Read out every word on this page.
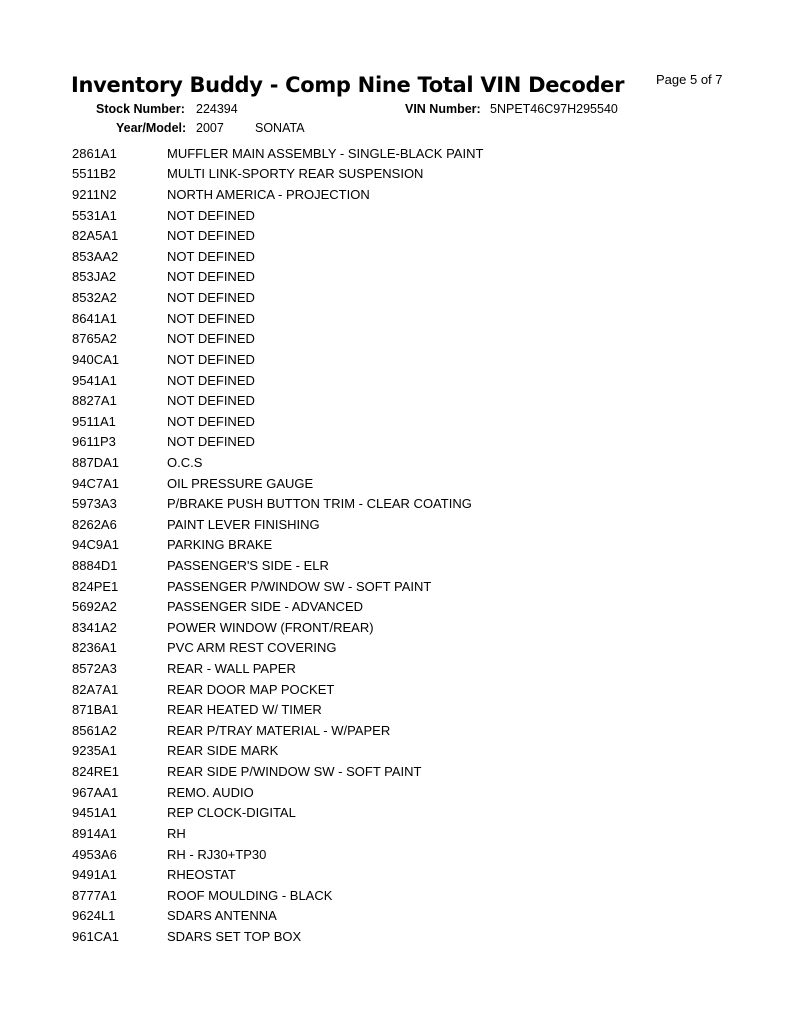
Inventory Buddy - Comp Nine Total VIN Decoder Page 5 of 7
Stock Number: 224394	VIN Number: 5NPET46C97H295540
Year/Model: 2007 SONATA
2861A1	MUFFLER MAIN ASSEMBLY - SINGLE-BLACK PAINT
5511B2	MULTI LINK-SPORTY REAR SUSPENSION
9211N2	NORTH AMERICA - PROJECTION
5531A1	NOT DEFINED
82A5A1	NOT DEFINED
853AA2	NOT DEFINED
853JA2	NOT DEFINED
8532A2	NOT DEFINED
8641A1	NOT DEFINED
8765A2	NOT DEFINED
940CA1	NOT DEFINED
9541A1	NOT DEFINED
8827A1	NOT DEFINED
9511A1	NOT DEFINED
9611P3	NOT DEFINED
887DA1	O.C.S
94C7A1	OIL PRESSURE GAUGE
5973A3	P/BRAKE PUSH BUTTON TRIM - CLEAR COATING
8262A6	PAINT LEVER FINISHING
94C9A1	PARKING BRAKE
8884D1	PASSENGER'S SIDE - ELR
824PE1	PASSENGER P/WINDOW SW - SOFT PAINT
5692A2	PASSENGER SIDE - ADVANCED
8341A2	POWER WINDOW (FRONT/REAR)
8236A1	PVC ARM REST COVERING
8572A3	REAR - WALL PAPER
82A7A1	REAR DOOR MAP POCKET
871BA1	REAR HEATED W/ TIMER
8561A2	REAR P/TRAY MATERIAL - W/PAPER
9235A1	REAR SIDE MARK
824RE1	REAR SIDE P/WINDOW SW - SOFT PAINT
967AA1	REMO. AUDIO
9451A1	REP CLOCK-DIGITAL
8914A1	RH
4953A6	RH - RJ30+TP30
9491A1	RHEOSTAT
8777A1	ROOF MOULDING - BLACK
9624L1	SDARS ANTENNA
961CA1	SDARS SET TOP BOX
